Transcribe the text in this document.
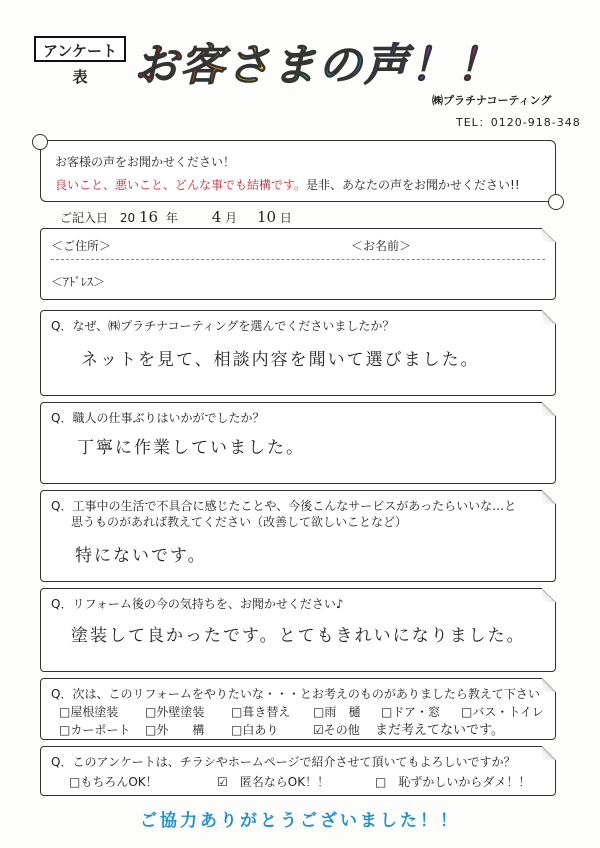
アンケート表	お客さまの声！！
㈱プラチナコーティング
TEL：0120-918-348
お客様の声をお聞かせください！
良いこと、悪いこと、どんな事でも結構です。是非、あなたの声をお聞かせください!!
ご記入日 20 16 年 4 月 10 日
＜ご住所＞	＜お名前＞
＜ｱﾄﾞﾚｽ＞
Q．なぜ、㈱プラチナコーティングを選んでくださいましたか？
ネットを見て、相談内容を聞いて選びました。
Q．職人の仕事ぶりはいかがでしたか？
丁寧に作業していました。
Q．工事中の生活で不具合に感じたことや、今後こんなサービスがあったらいいな…と
思うものがあれば教えてください（改善して欲しいことなど）
特にないです。
Q．リフォーム後の今の気持ちを、お聞かせください♪
塗装して良かったです。とてもきれいになりました。
Q．次は、このリフォームをやりたいな・・・とお考えのものがありましたら教えて下さい
□屋根塗装 □外壁塗装 □葺き替え □雨　樋 □ドア・窓 □バス・トイレ
□カーポート □外　　構 □白あり	☑その他 まだ考えてないです。
Q．このアンケートは、チラシやホームページで紹介させて頂いてもよろしいですか？
□もちろんOK！	☑　匿名ならOK！！	□　恥ずかしいからダメ！！
ご協力ありがとうございました！！
